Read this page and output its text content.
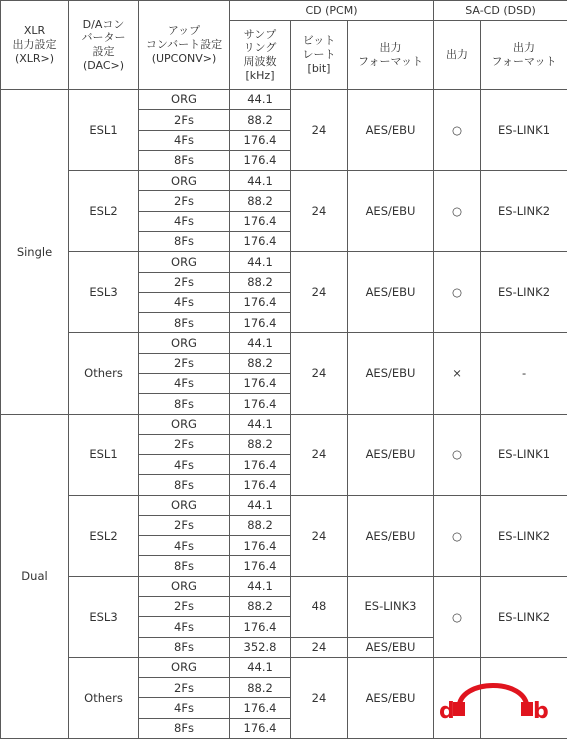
XLR
出力設定
(XLR>)	D/Aコン
バーター
設定
(DAC>)	アップ
コンバート設定
(UPCONV>)	CD (PCM)			SA-CD (DSD)	
			サンプ
リング
周波数
[kHz]	ビット
レート
[bit]	出力
フォーマット	出力	出力
フォーマット
Single	ESL1	ORG	44.1	24	AES/EBU	○	ES-LINK1
		2Fs	88.2				
		4Fs	176.4				
		8Fs	176.4				
	ESL2	ORG	44.1	24	AES/EBU	○	ES-LINK2
		2Fs	88.2				
		4Fs	176.4				
		8Fs	176.4				
	ESL3	ORG	44.1	24	AES/EBU	○	ES-LINK2
		2Fs	88.2				
		4Fs	176.4				
		8Fs	176.4				
	Others	ORG	44.1	24	AES/EBU	×	-
		2Fs	88.2				
		4Fs	176.4				
		8Fs	176.4				
Dual	ESL1	ORG	44.1	24	AES/EBU	○	ES-LINK1
		2Fs	88.2				
		4Fs	176.4				
		8Fs	176.4				
	ESL2	ORG	44.1	24	AES/EBU	○	ES-LINK2
		2Fs	88.2				
		4Fs	176.4				
		8Fs	176.4				
	ESL3	ORG	44.1	48	ES-LINK3	○	ES-LINK2
		2Fs	88.2				
		4Fs	176.4				
		8Fs	352.8	24	AES/EBU		
	Others	ORG	44.1	24	AES/EBU		
		2Fs	88.2				
		4Fs	176.4				
		8Fs	176.4				
d	b
